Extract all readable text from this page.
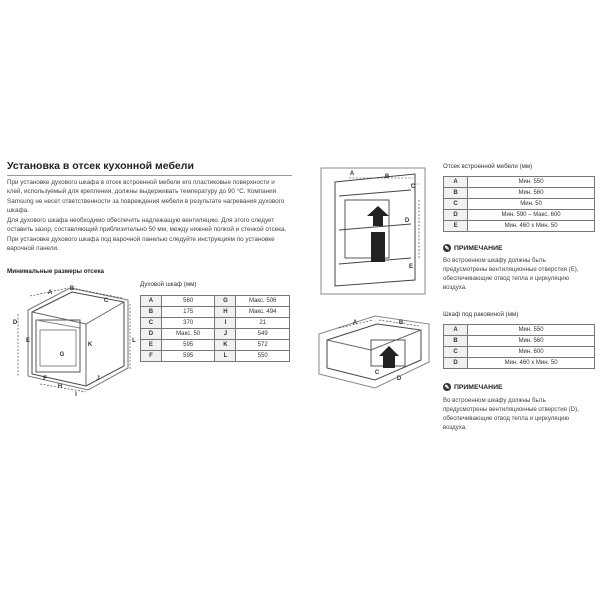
Установка в отсек кухонной мебели
При установке духового шкафа в отсек встроенной мебели его пластиковые поверхности и
клей, используемый для крепления, должны выдерживать температуру до 90 °C. Компания
Samsung не несет ответственности за повреждения мебели в результате нагревания духового
шкафа.
Для духового шкафа необходимо обеспечить надлежащую вентиляцию. Для этого следует
оставить зазор, составляющий приблизительно 50 мм, между нижней полкой и стенкой отсека.
При установке духового шкафа под варочной панелью следуйте инструкциям по установке
варочной панели.
Минимальные размеры отсека
A
B
C
D
E
F
G
H
I
J
K
L
Духовой шкаф (мм)
A	560	G	Макс. 506
B	175	H	Макс. 494
C	370	I	21
D	Макс. 50	J	549
E	595	K	572
F	595	L	550
A	B
C
D
E
Отсек встроенной мебели (мм)
A	Мин. 550
B	Мин. 560
C	Мин. 50
D	Мин. 590 – Макс. 600
E	Мин. 460 x Мин. 50
✎ ПРИМЕЧАНИЕ
Во встроенном шкафу должны быть
предусмотрены вентиляционные отверстия (E),
обеспечивающие отвод тепла и циркуляцию
воздуха.
A	B
C
D
Шкаф под раковиной (мм)
A	Мин. 550
B	Мин. 560
C	Мин. 600
D	Мин. 460 x Мин. 50
✎ ПРИМЕЧАНИЕ
Во встроенном шкафу должны быть
предусмотрены вентиляционные отверстия (D),
обеспечивающие отвод тепла и циркуляцию
воздуха.
